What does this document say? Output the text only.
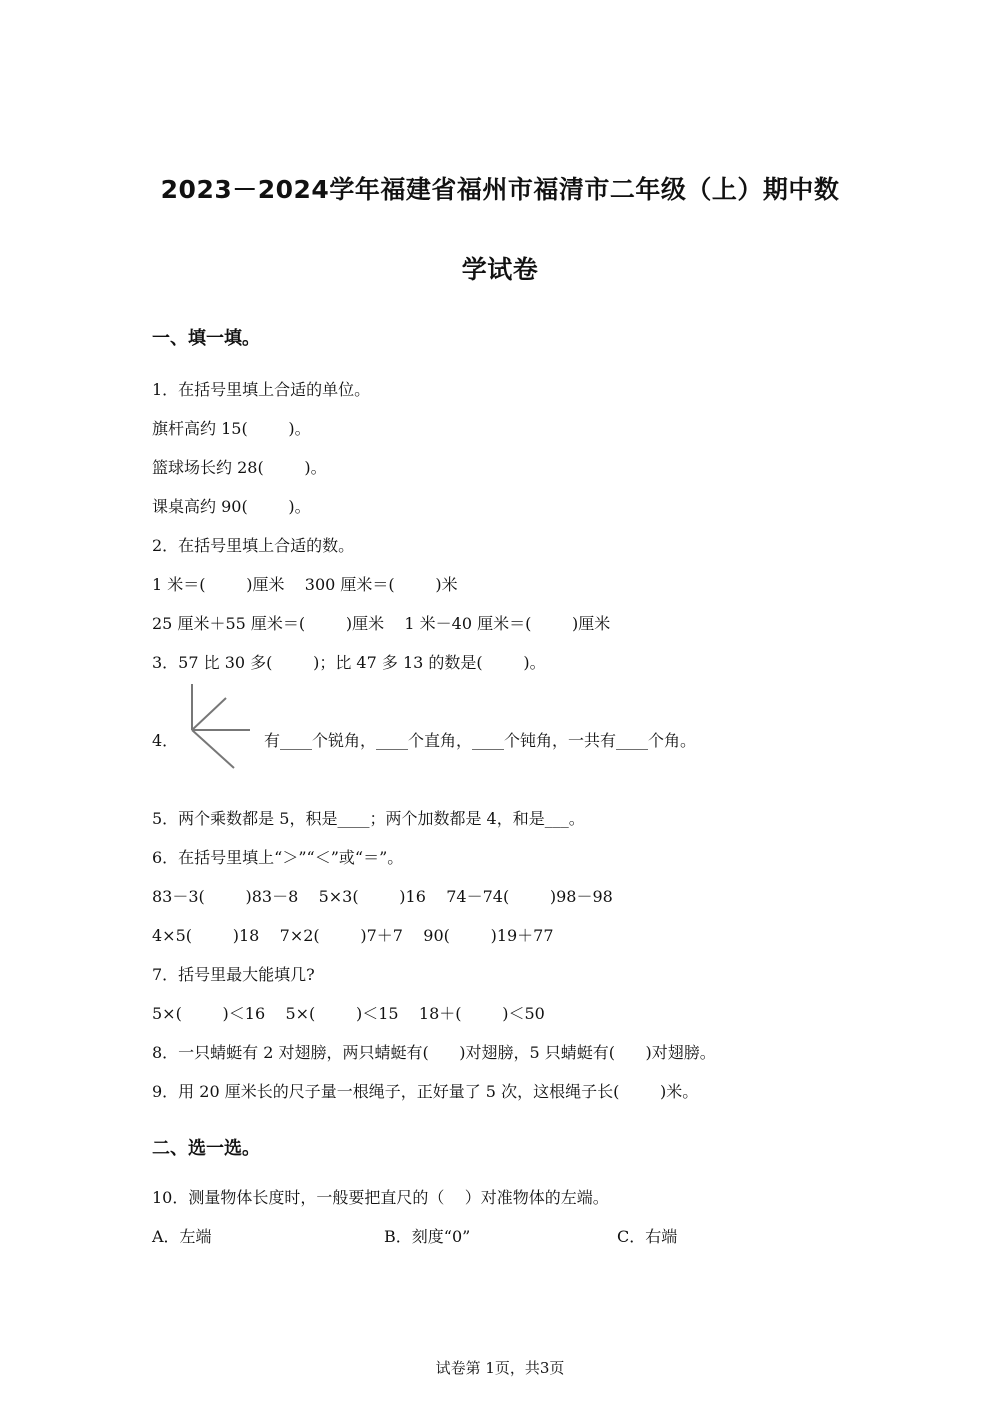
2023－2024学年福建省福州市福清市二年级（上）期中数
学试卷
一、填一填。
1．在括号里填上合适的单位。
旗杆高约 15(        )。
篮球场长约 28(        )。
课桌高约 90(        )。
2．在括号里填上合适的数。
1 米＝(        )厘米    300 厘米＝(        )米
25 厘米＋55 厘米＝(        )厘米    1 米－40 厘米＝(        )厘米
3．57 比 30 多(        )；比 47 多 13 的数是(        )。
4．	有____个锐角，____个直角，____个钝角，一共有____个角。
5．两个乘数都是 5，积是____；两个加数都是 4，和是___。
6．在括号里填上“＞”“＜”或“＝”。
83－3(        )83－8    5×3(        )16    74－74(        )98－98
4×5(        )18    7×2(        )7＋7    90(        )19＋77
7．括号里最大能填几?
5×(        )＜16    5×(        )＜15    18＋(        )＜50
8．一只蜻蜓有 2 对翅膀，两只蜻蜓有(      )对翅膀，5 只蜻蜓有(      )对翅膀。
9．用 20 厘米长的尺子量一根绳子，正好量了 5 次，这根绳子长(        )米。
二、选一选。
10．测量物体长度时，一般要把直尺的（    ）对准物体的左端。
A．左端	B．刻度“0”	C．右端
试卷第 1页，共3页
